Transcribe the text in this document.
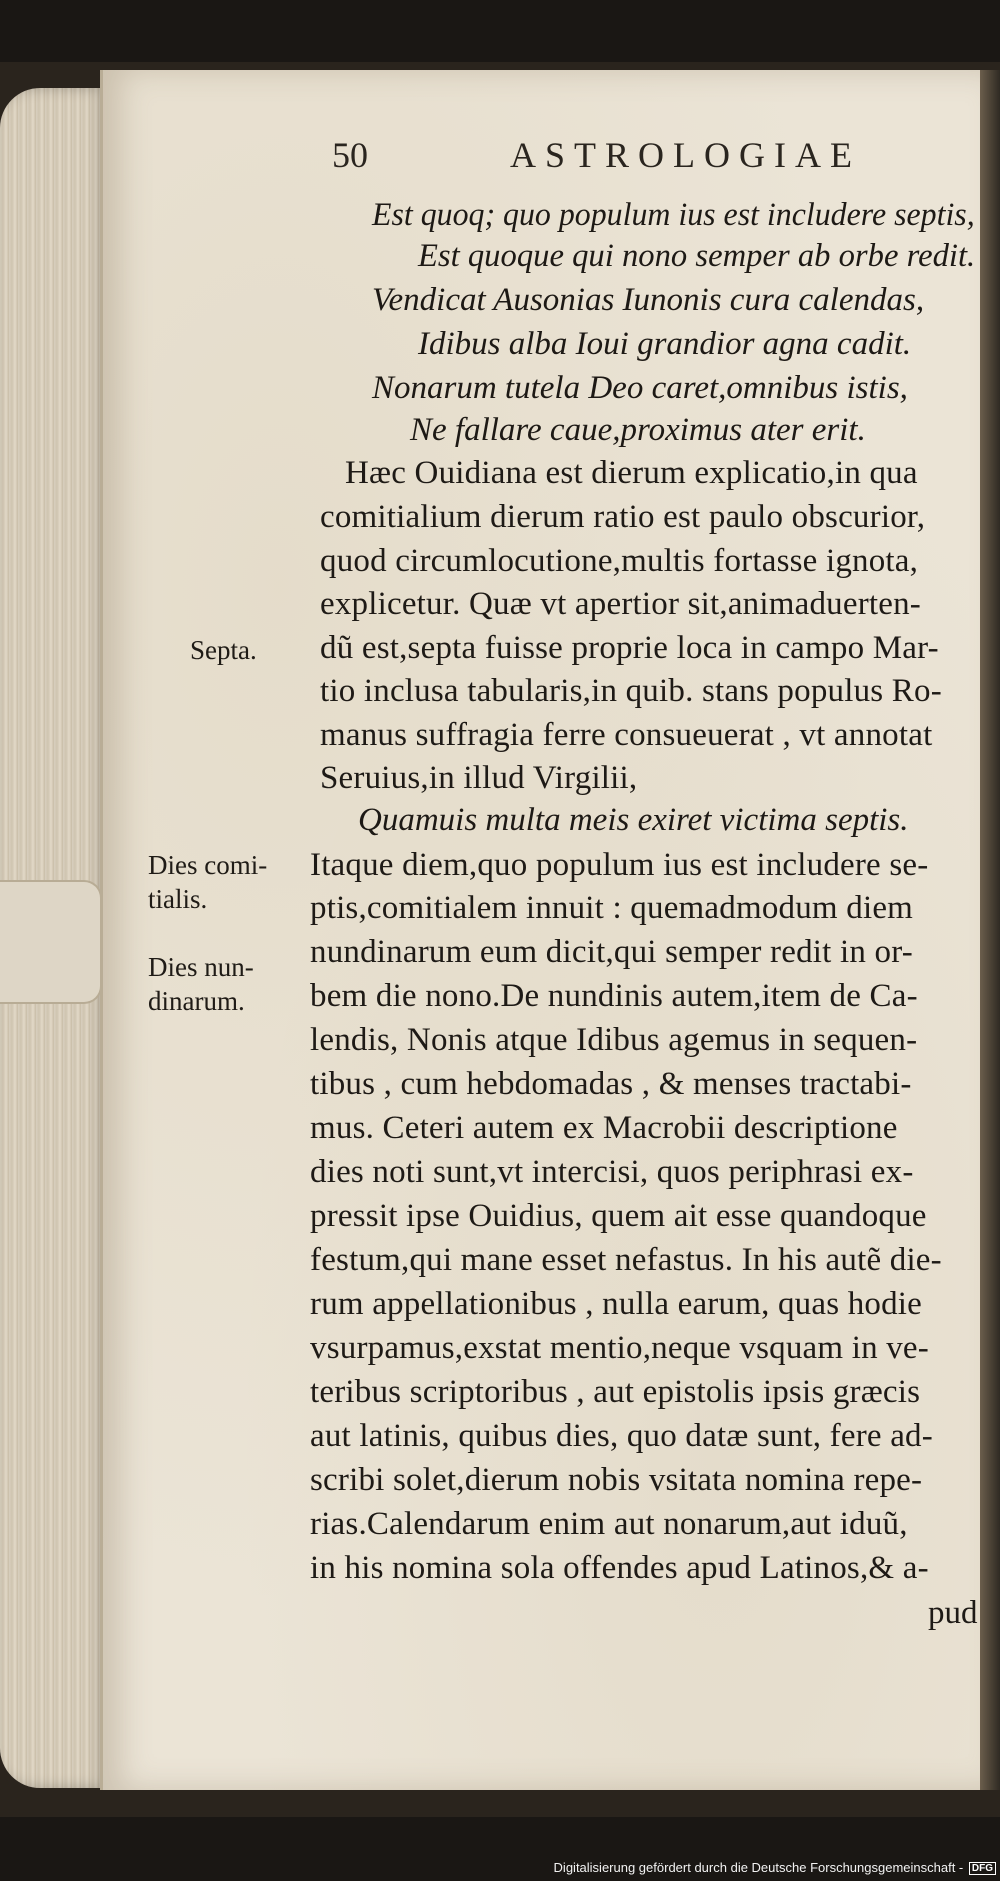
50	ASTROLOGIAE
Est quoq; quo populum ius est includere septis,
Est quoque qui nono semper ab orbe redit.
Vendicat Ausonias Iunonis cura calendas,
Idibus alba Ioui grandior agna cadit.
Nonarum tutela Deo caret,omnibus istis,
Ne fallare caue,proximus ater erit.
Hæc Ouidiana est dierum explicatio,in qua
comitialium dierum ratio est paulo obscurior,
quod circumlocutione,multis fortasse ignota,
explicetur. Quæ vt apertior sit,animaduerten-
dũ est,septa fuisse proprie loca in campo Mar-
tio inclusa tabularis,in quib. stans populus Ro-
manus suffragia ferre consueuerat , vt annotat
Seruius,in illud Virgilii,
Quamuis multa meis exiret victima septis.
Itaque diem,quo populum ius est includere se-
ptis,comitialem innuit : quemadmodum diem
nundinarum eum dicit,qui semper redit in or-
bem die nono.De nundinis autem,item de Ca-
lendis, Nonis atque Idibus agemus in sequen-
tibus , cum hebdomadas , & menses tractabi-
mus. Ceteri autem ex Macrobii descriptione
dies noti sunt,vt intercisi, quos periphrasi ex-
pressit ipse Ouidius, quem ait esse quandoque
festum,qui mane esset nefastus. In his autẽ die-
rum appellationibus , nulla earum, quas hodie
vsurpamus,exstat mentio,neque vsquam in ve-
teribus scriptoribus , aut epistolis ipsis græcis
aut latinis, quibus dies, quo datæ sunt, fere ad-
scribi solet,dierum nobis vsitata nomina repe-
rias.Calendarum enim aut nonarum,aut iduũ,
in his nomina sola offendes apud Latinos,& a-
pud
Septa.
Dies comi-
tialis.
Dies nun-
dinarum.
Digitalisierung gefördert durch die Deutsche Forschungsgemeinschaft - DFG
